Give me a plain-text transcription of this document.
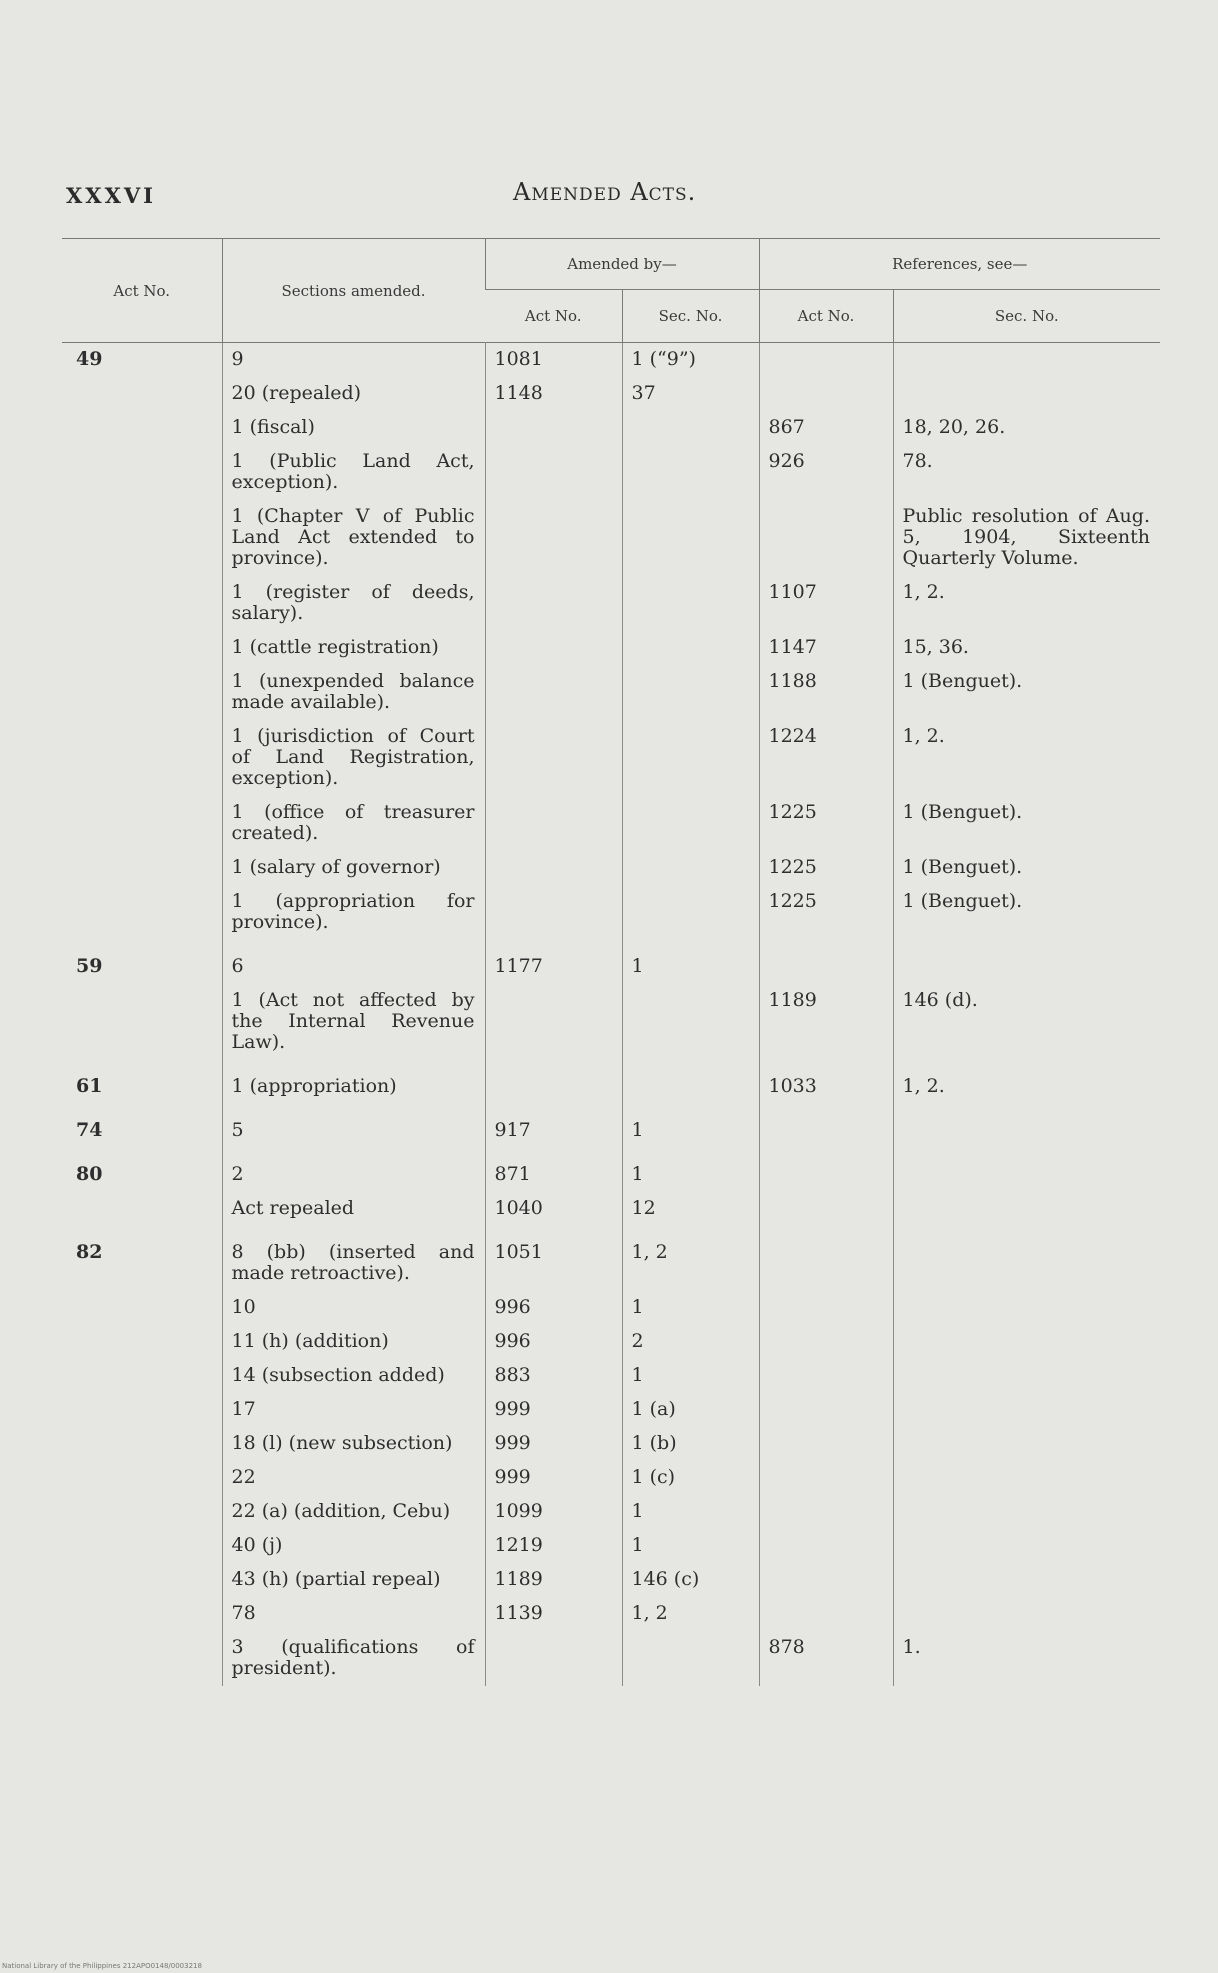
XXXVI	Amended Acts.
Act No.	Sections amended.	Amended by—		References, see—	
		Act No.	Sec. No.	Act No.	Sec. No.
49	9	1081	1 (“9”)		
	20 (repealed)	1148	37		
	1 (fiscal)			867	18, 20, 26.
	1 (Public Land Act, exception).			926	78.
	1 (Chapter V of Public Land Act extended to province).				Public resolution of Aug. 5, 1904, Sixteenth Quarterly Volume.
	1 (register of deeds, salary).			1107	1, 2.
	1 (cattle registration)			1147	15, 36.
	1 (unexpended balance made available).			1188	1 (Benguet).
	1 (jurisdiction of Court of Land Registration, exception).			1224	1, 2.
	1 (office of treasurer created).			1225	1 (Benguet).
	1 (salary of governor)			1225	1 (Benguet).
	1 (appropriation for province).			1225	1 (Benguet).
59	6	1177	1		
	1 (Act not affected by the Internal Revenue Law).			1189	146 (d).
61	1 (appropriation)			1033	1, 2.
74	5	917	1		
80	2	871	1		
	Act repealed	1040	12		
82	8 (bb) (inserted and made retroactive).	1051	1, 2		
	10	996	1		
	11 (h) (addition)	996	2		
	14 (subsection added)	883	1		
	17	999	1 (a)		
	18 (l) (new subsection)	999	1 (b)		
	22	999	1 (c)		
	22 (a) (addition, Cebu)	1099	1		
	40 (j)	1219	1		
	43 (h) (partial repeal)	1189	146 (c)		
	78	1139	1, 2		
	3 (qualifications of president).			878	1.
National Library of the Philippines 212APO0148/0003218
